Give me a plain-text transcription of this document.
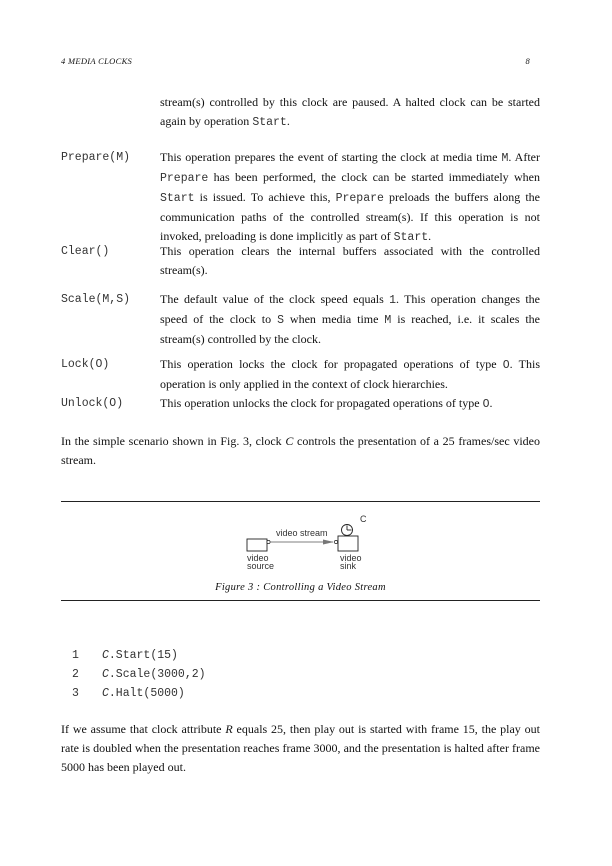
4 MEDIA CLOCKS	8
stream(s) controlled by this clock are paused. A halted clock can be started again by operation Start.
Prepare(M) This operation prepares the event of starting the clock at media time M. After Prepare has been performed, the clock can be started immediately when Start is issued. To achieve this, Prepare preloads the buffers along the communication paths of the controlled stream(s). If this operation is not invoked, preloading is done implicitly as part of Start.
Clear()	This operation clears the internal buffers associated with the controlled stream(s).
Scale(M,S) The default value of the clock speed equals 1. This operation changes the speed of the clock to S when media time M is reached, i.e. it scales the stream(s) controlled by the clock.
Lock(O)	This operation locks the clock for propagated operations of type O. This operation is only applied in the context of clock hierarchies.
Unlock(O)	This operation unlocks the clock for propagated operations of type O.
In the simple scenario shown in Fig. 3, clock C controls the presentation of a 25 frames/sec video stream.
C
video stream
video
source
video
sink
Figure 3 : Controlling a Video Stream
1 C.Start(15)
2 C.Scale(3000,2)
3 C.Halt(5000)
If we assume that clock attribute R equals 25, then play out is started with frame 15, the play out rate is doubled when the presentation reaches frame 3000, and the presentation is halted after frame 5000 has been played out.
